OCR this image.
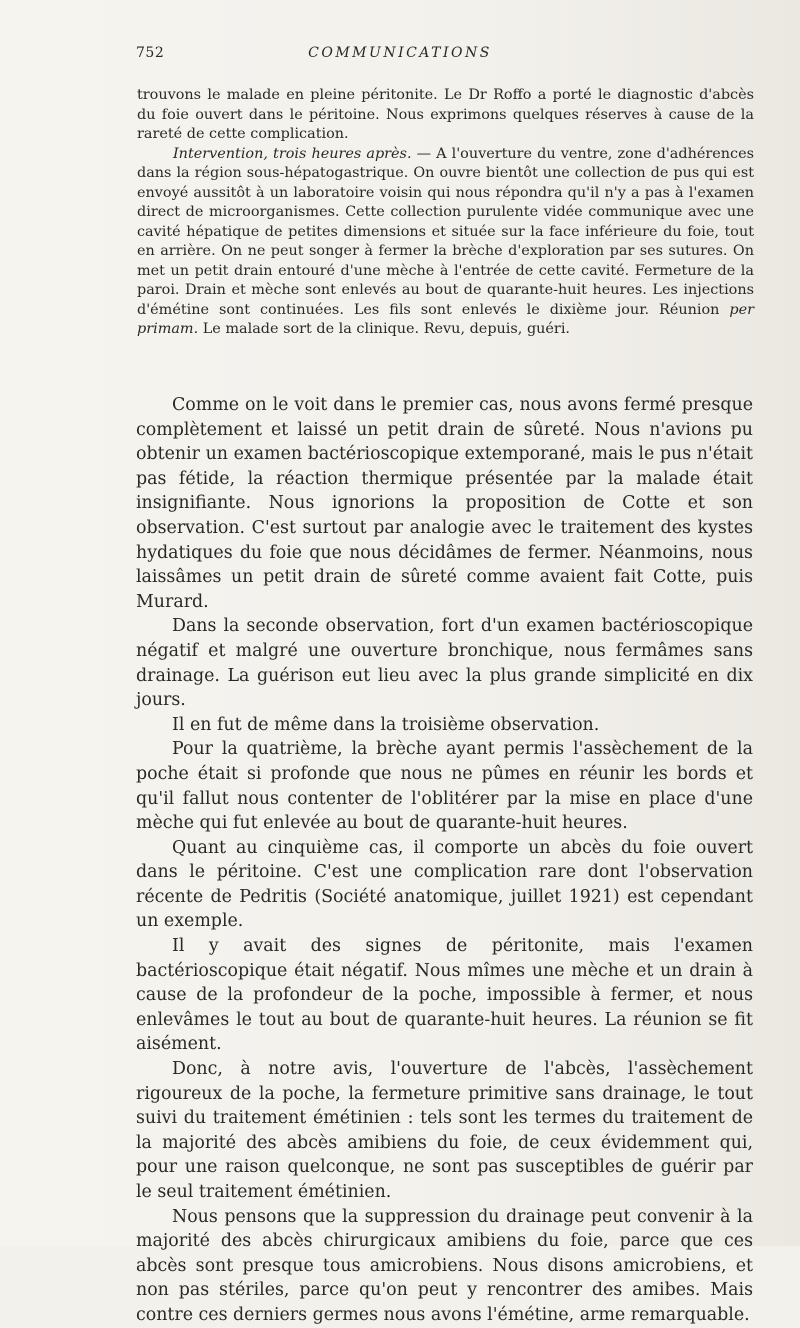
752	COMMUNICATIONS

trouvons le malade en pleine péritonite. Le Dr Roffo a porté le diagnostic d'abcès du foie ouvert dans le péritoine. Nous exprimons quelques réserves à cause de la rareté de cette complication.

Intervention, trois heures après. — A l'ouverture du ventre, zone d'adhérences dans la région sous-hépatogastrique. On ouvre bientôt une collection de pus qui est envoyé aussitôt à un laboratoire voisin qui nous répondra qu'il n'y a pas à l'examen direct de microorganismes. Cette collection purulente vidée communique avec une cavité hépatique de petites dimensions et située sur la face inférieure du foie, tout en arrière. On ne peut songer à fermer la brèche d'exploration par ses sutures. On met un petit drain entouré d'une mèche à l'entrée de cette cavité. Fermeture de la paroi. Drain et mèche sont enlevés au bout de quarante-huit heures. Les injections d'émétine sont continuées. Les fils sont enlevés le dixième jour. Réunion per primam. Le malade sort de la clinique. Revu, depuis, guéri.

Comme on le voit dans le premier cas, nous avons fermé presque complètement et laissé un petit drain de sûreté. Nous n'avions pu obtenir un examen bactérioscopique extemporané, mais le pus n'était pas fétide, la réaction thermique présentée par la malade était insignifiante. Nous ignorions la proposition de Cotte et son observation. C'est surtout par analogie avec le traitement des kystes hydatiques du foie que nous décidâmes de fermer. Néanmoins, nous laissâmes un petit drain de sûreté comme avaient fait Cotte, puis Murard.

Dans la seconde observation, fort d'un examen bactérioscopique négatif et malgré une ouverture bronchique, nous fermâmes sans drainage. La guérison eut lieu avec la plus grande simplicité en dix jours.

Il en fut de même dans la troisième observation.

Pour la quatrième, la brèche ayant permis l'assèchement de la poche était si profonde que nous ne pûmes en réunir les bords et qu'il fallut nous contenter de l'oblitérer par la mise en place d'une mèche qui fut enlevée au bout de quarante-huit heures.

Quant au cinquième cas, il comporte un abcès du foie ouvert dans le péritoine. C'est une complication rare dont l'observation récente de Pedritis (Société anatomique, juillet 1921) est cependant un exemple.

Il y avait des signes de péritonite, mais l'examen bactérioscopique était négatif. Nous mîmes une mèche et un drain à cause de la profondeur de la poche, impossible à fermer, et nous enlevâmes le tout au bout de quarante-huit heures. La réunion se fit aisément.

Donc, à notre avis, l'ouverture de l'abcès, l'assèchement rigoureux de la poche, la fermeture primitive sans drainage, le tout suivi du traitement émétinien : tels sont les termes du traitement de la majorité des abcès amibiens du foie, de ceux évidemment qui, pour une raison quelconque, ne sont pas susceptibles de guérir par le seul traitement émétinien.

Nous pensons que la suppression du drainage peut convenir à la majorité des abcès chirurgicaux amibiens du foie, parce que ces abcès sont presque tous amicrobiens. Nous disons amicrobiens, et non pas stériles, parce qu'on peut y rencontrer des amibes. Mais contre ces derniers germes nous avons l'émétine, arme remarquable.
